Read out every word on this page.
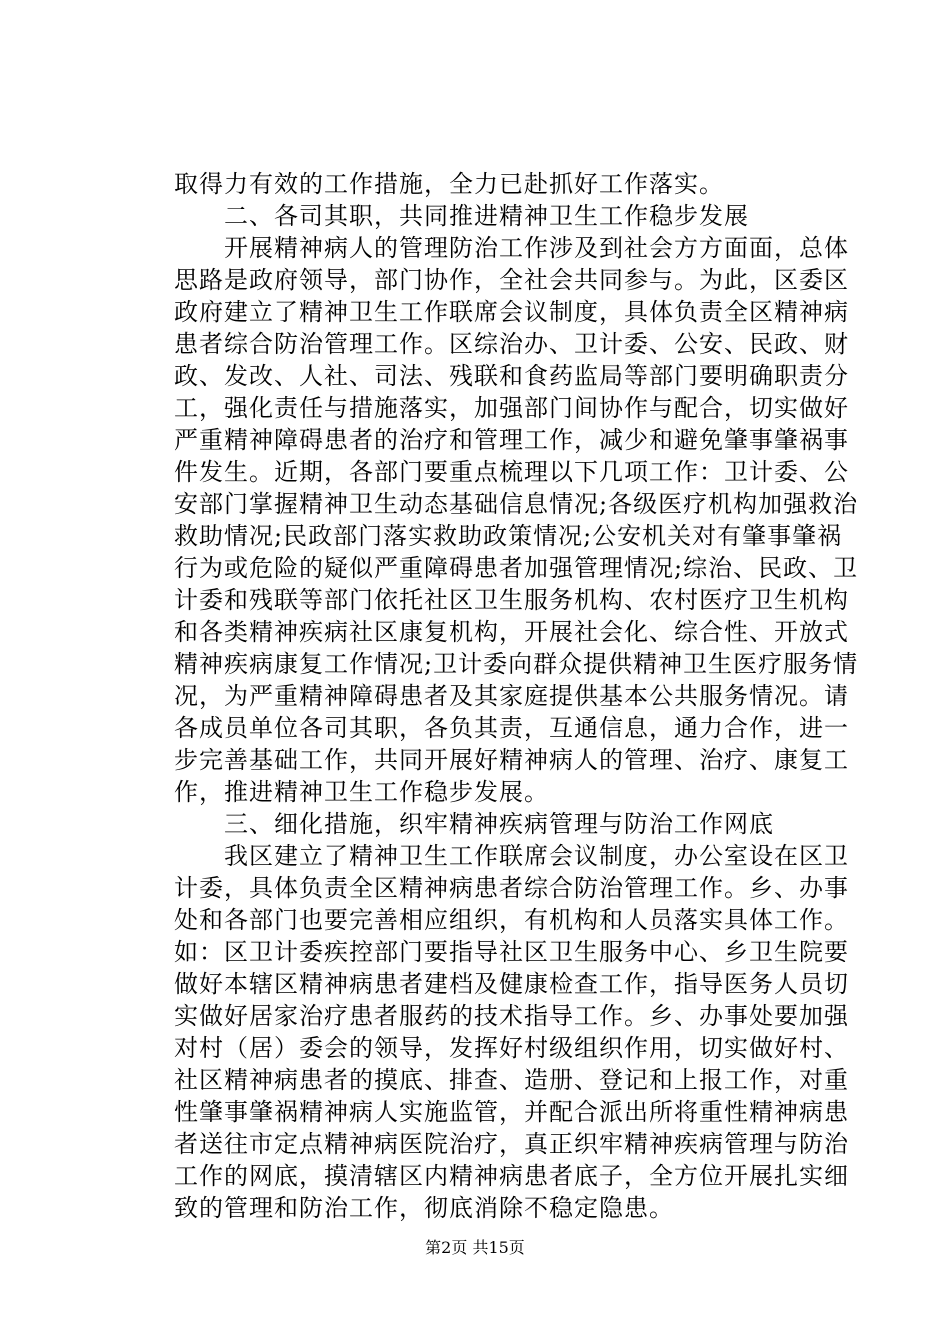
取得力有效的工作措施，全力已赴抓好工作落实。
　　二、各司其职，共同推进精神卫生工作稳步发展
　　开展精神病人的管理防治工作涉及到社会方方面面，总体
思路是政府领导，部门协作，全社会共同参与。为此，区委区
政府建立了精神卫生工作联席会议制度，具体负责全区精神病
患者综合防治管理工作。区综治办、卫计委、公安、民政、财
政、发改、人社、司法、残联和食药监局等部门要明确职责分
工，强化责任与措施落实，加强部门间协作与配合，切实做好
严重精神障碍患者的治疗和管理工作，减少和避免肇事肇祸事
件发生。近期，各部门要重点梳理以下几项工作：卫计委、公
安部门掌握精神卫生动态基础信息情况;各级医疗机构加强救治
救助情况;民政部门落实救助政策情况;公安机关对有肇事肇祸
行为或危险的疑似严重障碍患者加强管理情况;综治、民政、卫
计委和残联等部门依托社区卫生服务机构、农村医疗卫生机构
和各类精神疾病社区康复机构，开展社会化、综合性、开放式
精神疾病康复工作情况;卫计委向群众提供精神卫生医疗服务情
况，为严重精神障碍患者及其家庭提供基本公共服务情况。请
各成员单位各司其职，各负其责，互通信息，通力合作，进一
步完善基础工作，共同开展好精神病人的管理、治疗、康复工
作，推进精神卫生工作稳步发展。
　　三、细化措施，织牢精神疾病管理与防治工作网底
　　我区建立了精神卫生工作联席会议制度，办公室设在区卫
计委，具体负责全区精神病患者综合防治管理工作。乡、办事
处和各部门也要完善相应组织，有机构和人员落实具体工作。
如：区卫计委疾控部门要指导社区卫生服务中心、乡卫生院要
做好本辖区精神病患者建档及健康检查工作，指导医务人员切
实做好居家治疗患者服药的技术指导工作。乡、办事处要加强
对村（居）委会的领导，发挥好村级组织作用，切实做好村、
社区精神病患者的摸底、排查、造册、登记和上报工作，对重
性肇事肇祸精神病人实施监管，并配合派出所将重性精神病患
者送往市定点精神病医院治疗，真正织牢精神疾病管理与防治
工作的网底，摸清辖区内精神病患者底子，全方位开展扎实细
致的管理和防治工作，彻底消除不稳定隐患。
第2页 共15页
